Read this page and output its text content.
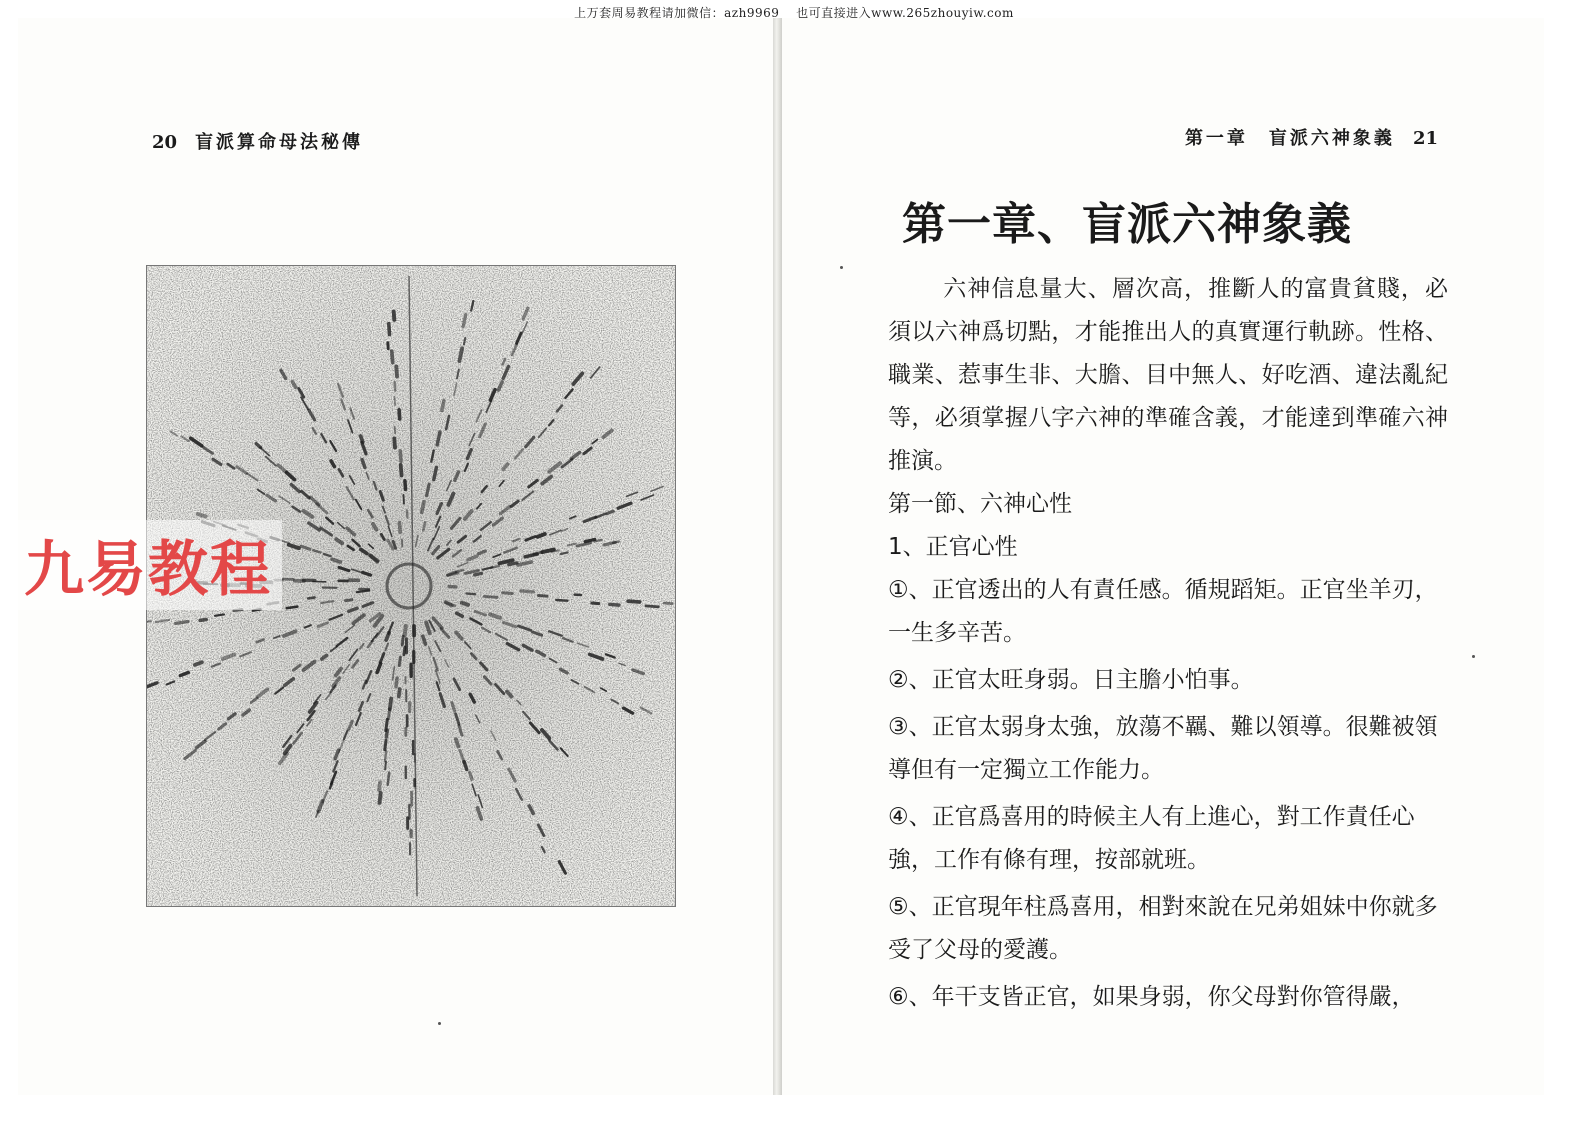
上万套周易教程请加微信：azh9969　 也可直接进入www.265zhouyiw.com
20 盲派算命母法秘傳
九易教程
第一章　盲派六神象義 21
第一章、盲派六神象義

六神信息量大、層次高，推斷人的富貴貧賤，必須以六神爲切點，才能推出人的真實運行軌跡。性格、職業、惹事生非、大膽、目中無人、好吃酒、違法亂紀等，必須掌握八字六神的準確含義，才能達到準確六神推演。

第一節、六神心性

1、正官心性

①、正官透出的人有責任感。循規蹈矩。正官坐羊刃，一生多辛苦。

②、正官太旺身弱。日主膽小怕事。

③、正官太弱身太強，放蕩不羈、難以領導。很難被領導但有一定獨立工作能力。

④、正官爲喜用的時候主人有上進心，對工作責任心強，工作有條有理，按部就班。

⑤、正官現年柱爲喜用，相對來說在兄弟姐妹中你就多受了父母的愛護。

⑥、年干支皆正官，如果身弱，你父母對你管得嚴，
